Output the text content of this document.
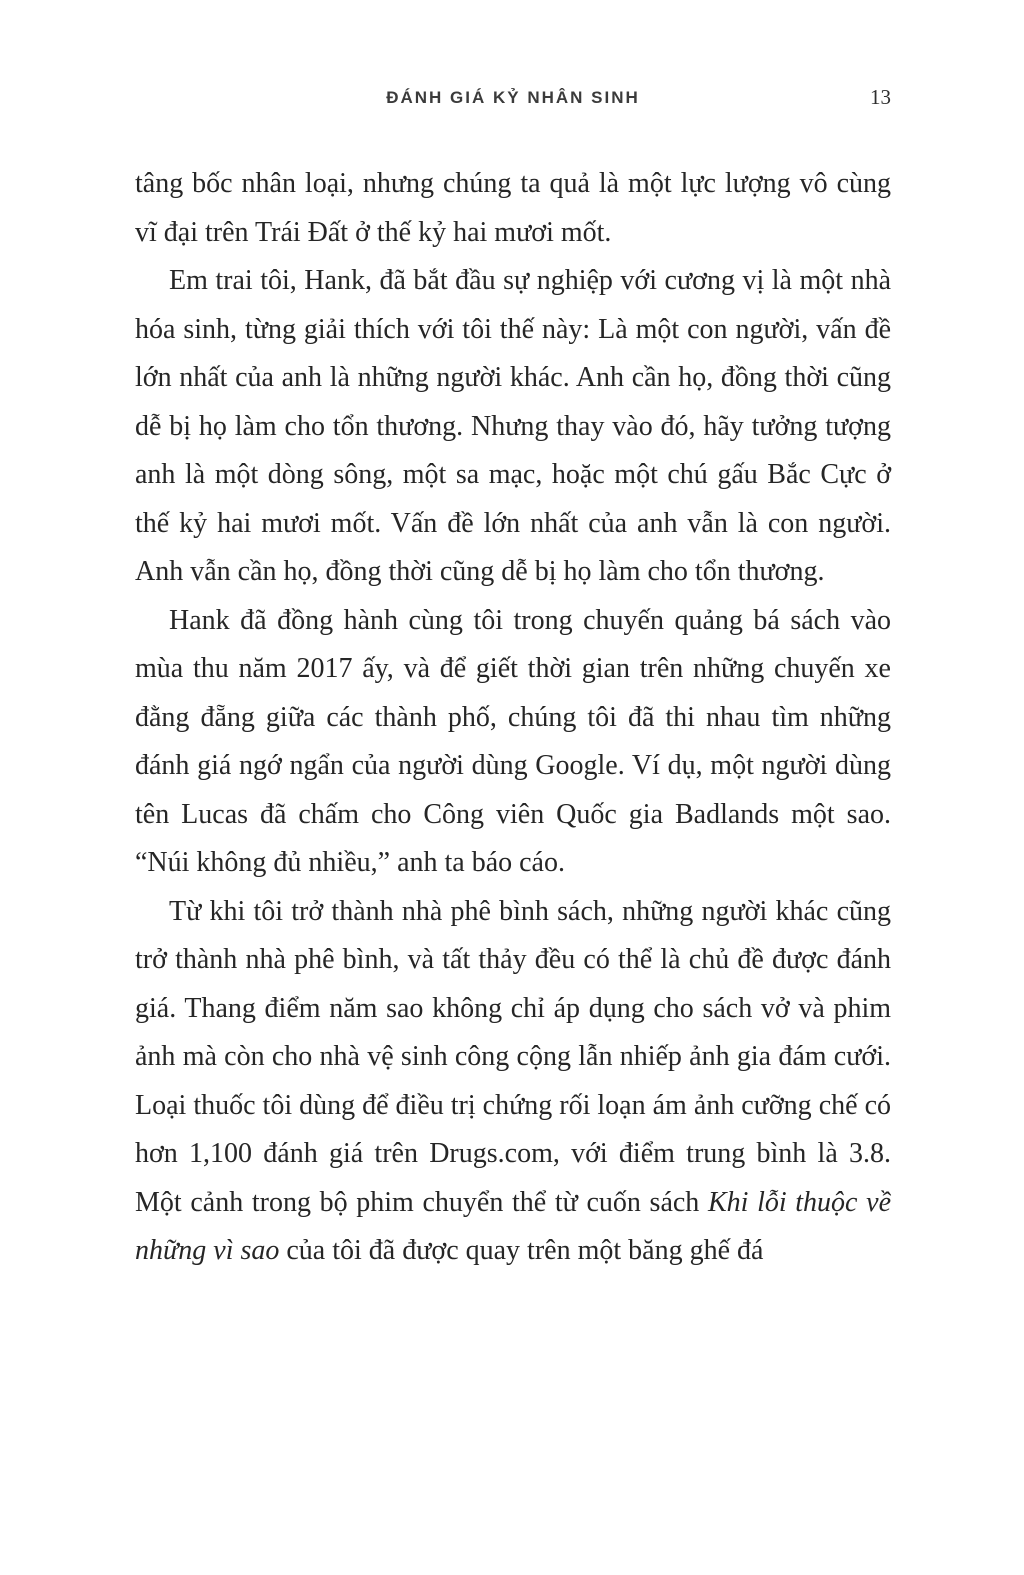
ĐÁNH GIÁ KỶ NHÂN SINH	13

tâng bốc nhân loại, nhưng chúng ta quả là một lực lượng vô cùng vĩ đại trên Trái Đất ở thế kỷ hai mươi mốt.

Em trai tôi, Hank, đã bắt đầu sự nghiệp với cương vị là một nhà hóa sinh, từng giải thích với tôi thế này: Là một con người, vấn đề lớn nhất của anh là những người khác. Anh cần họ, đồng thời cũng dễ bị họ làm cho tổn thương. Nhưng thay vào đó, hãy tưởng tượng anh là một dòng sông, một sa mạc, hoặc một chú gấu Bắc Cực ở thế kỷ hai mươi mốt. Vấn đề lớn nhất của anh vẫn là con người. Anh vẫn cần họ, đồng thời cũng dễ bị họ làm cho tổn thương.

Hank đã đồng hành cùng tôi trong chuyến quảng bá sách vào mùa thu năm 2017 ấy, và để giết thời gian trên những chuyến xe đằng đẵng giữa các thành phố, chúng tôi đã thi nhau tìm những đánh giá ngớ ngẩn của người dùng Google. Ví dụ, một người dùng tên Lucas đã chấm cho Công viên Quốc gia Badlands một sao. “Núi không đủ nhiều,” anh ta báo cáo.

Từ khi tôi trở thành nhà phê bình sách, những người khác cũng trở thành nhà phê bình, và tất thảy đều có thể là chủ đề được đánh giá. Thang điểm năm sao không chỉ áp dụng cho sách vở và phim ảnh mà còn cho nhà vệ sinh công cộng lẫn nhiếp ảnh gia đám cưới. Loại thuốc tôi dùng để điều trị chứng rối loạn ám ảnh cưỡng chế có hơn 1,100 đánh giá trên Drugs.com, với điểm trung bình là 3.8. Một cảnh trong bộ phim chuyển thể từ cuốn sách Khi lỗi thuộc về những vì sao của tôi đã được quay trên một băng ghế đá
